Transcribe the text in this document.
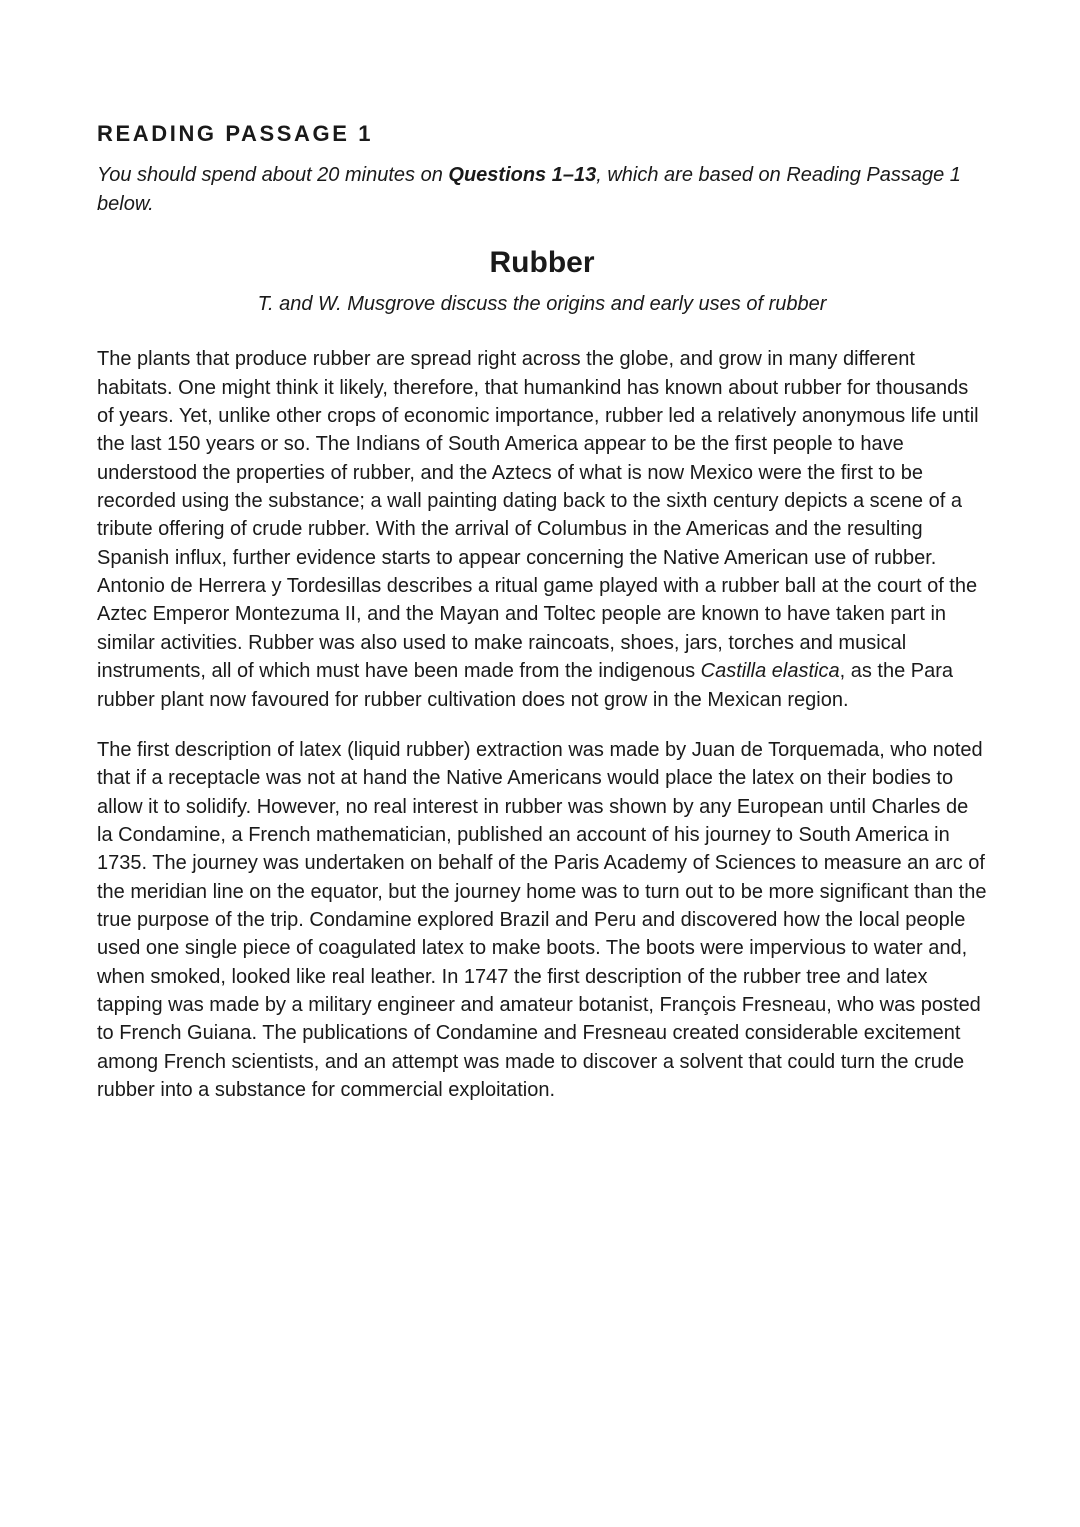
READING PASSAGE 1

You should spend about 20 minutes on Questions 1–13, which are based on Reading Passage 1 below.

Rubber

T. and W. Musgrove discuss the origins and early uses of rubber

The plants that produce rubber are spread right across the globe, and grow in many different habitats. One might think it likely, therefore, that humankind has known about rubber for thousands of years. Yet, unlike other crops of economic importance, rubber led a relatively anonymous life until the last 150 years or so. The Indians of South America appear to be the first people to have understood the properties of rubber, and the Aztecs of what is now Mexico were the first to be recorded using the substance; a wall painting dating back to the sixth century depicts a scene of a tribute offering of crude rubber. With the arrival of Columbus in the Americas and the resulting Spanish influx, further evidence starts to appear concerning the Native American use of rubber. Antonio de Herrera y Tordesillas describes a ritual game played with a rubber ball at the court of the Aztec Emperor Montezuma II, and the Mayan and Toltec people are known to have taken part in similar activities. Rubber was also used to make raincoats, shoes, jars, torches and musical instruments, all of which must have been made from the indigenous Castilla elastica, as the Para rubber plant now favoured for rubber cultivation does not grow in the Mexican region.

The first description of latex (liquid rubber) extraction was made by Juan de Torquemada, who noted that if a receptacle was not at hand the Native Americans would place the latex on their bodies to allow it to solidify. However, no real interest in rubber was shown by any European until Charles de la Condamine, a French mathematician, published an account of his journey to South America in 1735. The journey was undertaken on behalf of the Paris Academy of Sciences to measure an arc of the meridian line on the equator, but the journey home was to turn out to be more significant than the true purpose of the trip. Condamine explored Brazil and Peru and discovered how the local people used one single piece of coagulated latex to make boots. The boots were impervious to water and, when smoked, looked like real leather. In 1747 the first description of the rubber tree and latex tapping was made by a military engineer and amateur botanist, François Fresneau, who was posted to French Guiana. The publications of Condamine and Fresneau created considerable excitement among French scientists, and an attempt was made to discover a solvent that could turn the crude rubber into a substance for commercial exploitation.
